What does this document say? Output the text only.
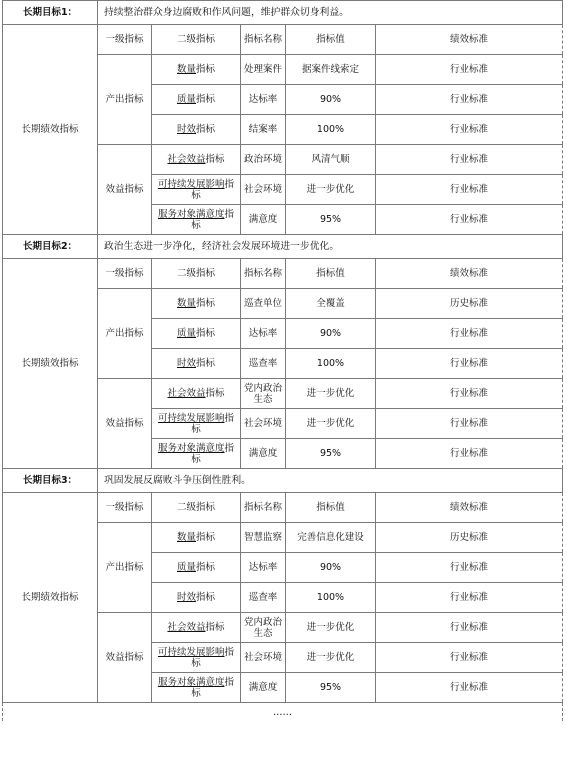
长期目标1：	持续整治群众身边腐败和作风问题，维护群众切身利益。				
长期绩效指标	一级指标	二级指标	指标名称	指标值	绩效标准
	产出指标	数量指标	处理案件	据案件线索定	行业标准
		质量指标	达标率	90%	行业标准
		时效指标	结案率	100%	行业标准
	效益指标	社会效益指标	政治环境	风清气顺	行业标准
		可持续发展影响指标	社会环境	进一步优化	行业标准
		服务对象满意度指标	满意度	95%	行业标准
长期目标2：	政治生态进一步净化，经济社会发展环境进一步优化。				
长期绩效指标	一级指标	二级指标	指标名称	指标值	绩效标准
	产出指标	数量指标	巡查单位	全覆盖	历史标准
		质量指标	达标率	90%	行业标准
		时效指标	巡查率	100%	行业标准
	效益指标	社会效益指标	党内政治生态	进一步优化	行业标准
		可持续发展影响指标	社会环境	进一步优化	行业标准
		服务对象满意度指标	满意度	95%	行业标准
长期目标3：	巩固发展反腐败斗争压倒性胜利。				
长期绩效指标	一级指标	二级指标	指标名称	指标值	绩效标准
	产出指标	数量指标	智慧监察	完善信息化建设	历史标准
		质量指标	达标率	90%	行业标准
		时效指标	巡查率	100%	行业标准
	效益指标	社会效益指标	党内政治生态	进一步优化	行业标准
		可持续发展影响指标	社会环境	进一步优化	行业标准
		服务对象满意度指标	满意度	95%	行业标准
……					
